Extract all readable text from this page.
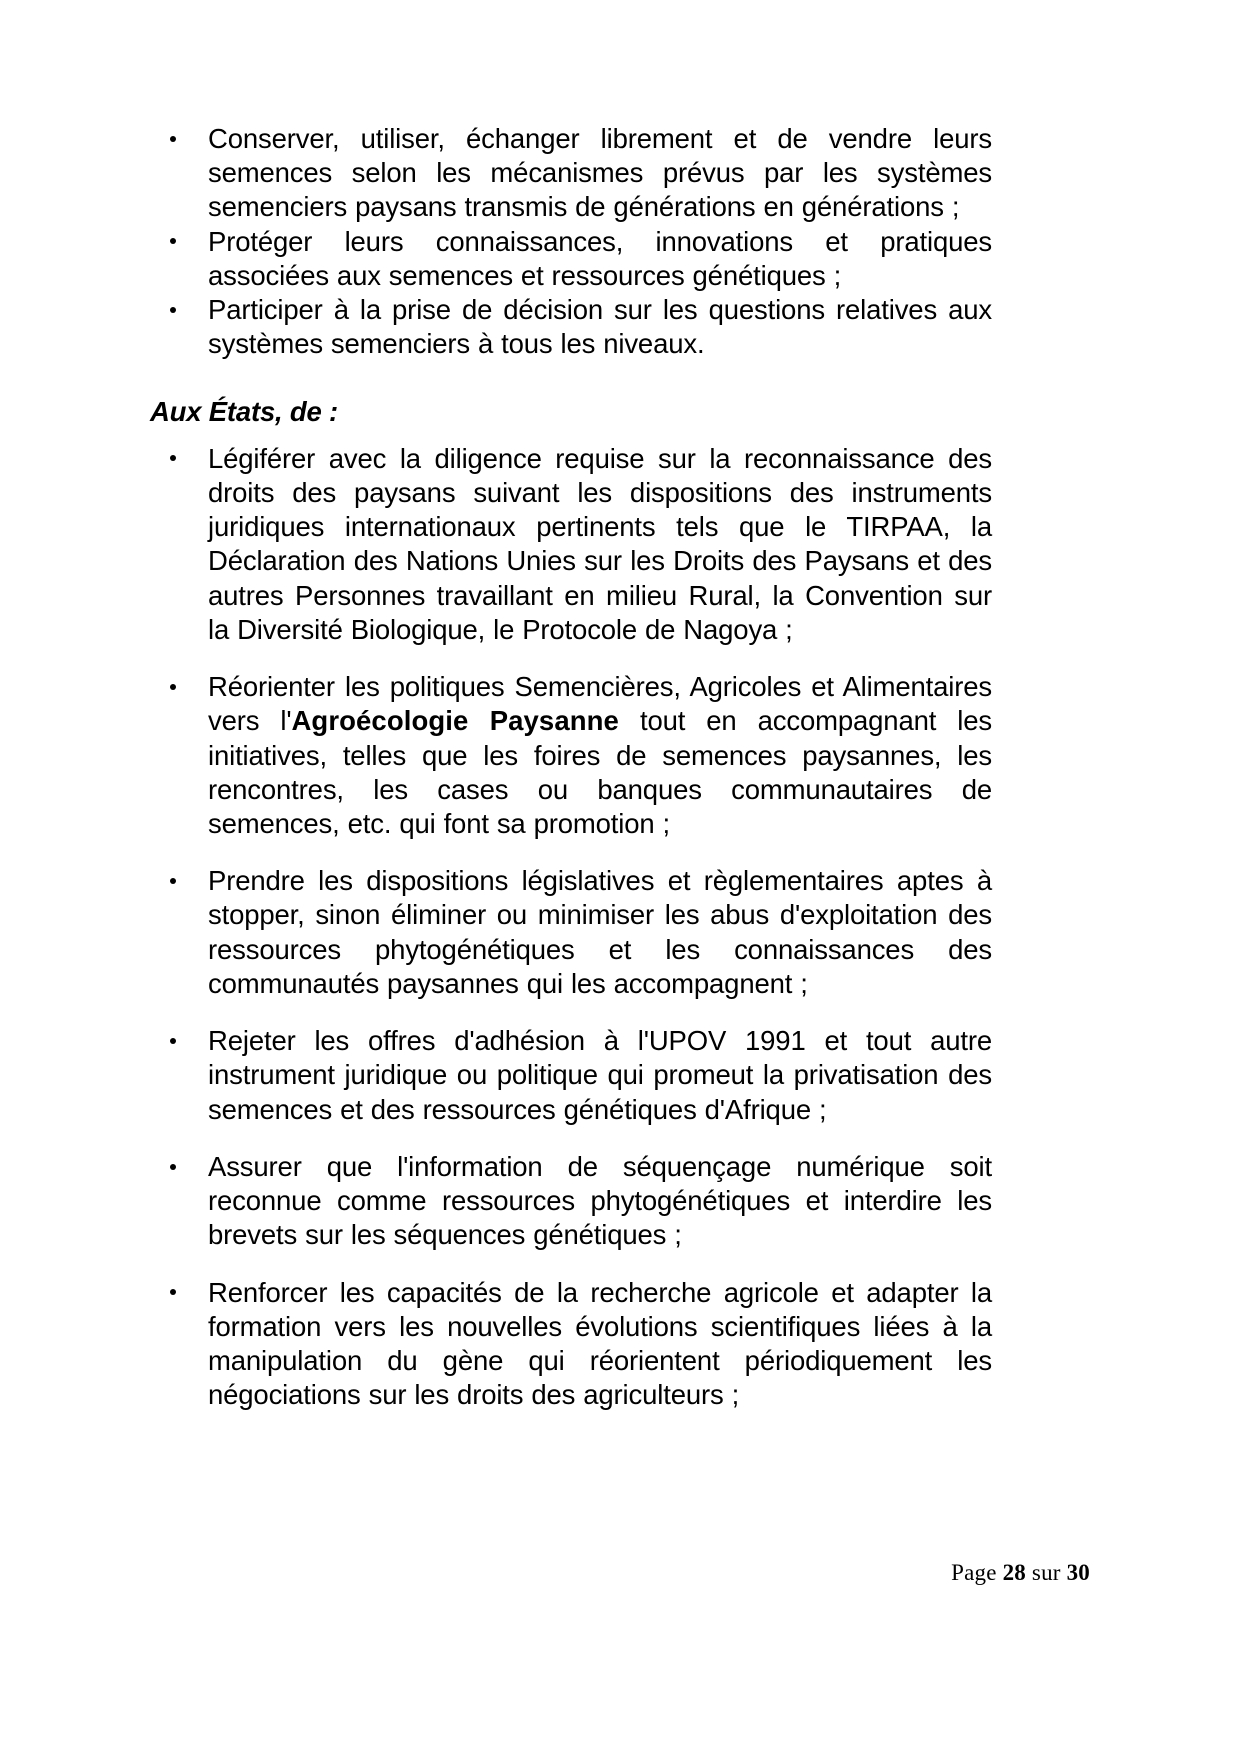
Conserver, utiliser, échanger librement et de vendre leurs semences selon les mécanismes prévus par les systèmes semenciers paysans transmis de générations en générations ;
Protéger leurs connaissances, innovations et pratiques associées aux semences et ressources génétiques ;
Participer à la prise de décision sur les questions relatives aux systèmes semenciers à tous les niveaux.
Aux États, de :
Légiférer avec la diligence requise sur la reconnaissance des droits des paysans suivant les dispositions des instruments juridiques internationaux pertinents tels que le TIRPAA, la Déclaration des Nations Unies sur les Droits des Paysans et des autres Personnes travaillant en milieu Rural, la Convention sur la Diversité Biologique, le Protocole de Nagoya ;
Réorienter les politiques Semencières, Agricoles et Alimentaires vers l'Agroécologie Paysanne tout en accompagnant les initiatives, telles que les foires de semences paysannes, les rencontres, les cases ou banques communautaires de semences, etc. qui font sa promotion ;
Prendre les dispositions législatives et règlementaires aptes à stopper, sinon éliminer ou minimiser les abus d'exploitation des ressources phytogénétiques et les connaissances des communautés paysannes qui les accompagnent ;
Rejeter les offres d'adhésion à l'UPOV 1991 et tout autre instrument juridique ou politique qui promeut la privatisation des semences et des ressources génétiques d'Afrique ;
Assurer que l'information de séquençage numérique soit reconnue comme ressources phytogénétiques et interdire les brevets sur les séquences génétiques ;
Renforcer les capacités de la recherche agricole et adapter la formation vers les nouvelles évolutions scientifiques liées à la manipulation du gène qui réorientent périodiquement les négociations sur les droits des agriculteurs ;
Page 28 sur 30
